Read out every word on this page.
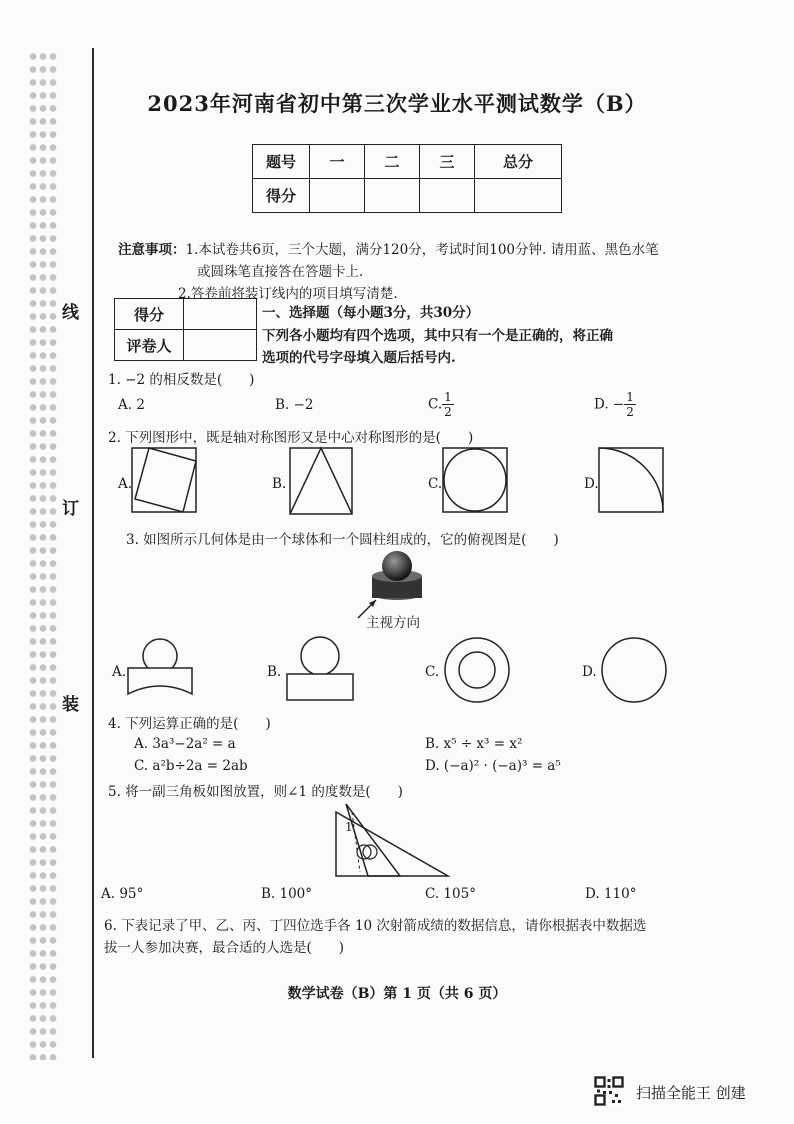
线
订
装
2023年河南省初中第三次学业水平测试数学（B）
题号	一	二	三	总分
得分				
注意事项：1.本试卷共6页，三个大题，满分120分，考试时间100分钟. 请用蓝、黑色水笔
或圆珠笔直接答在答题卡上.
2.答卷前将装订线内的项目填写清楚.
得分	
评卷人	
一、选择题（每小题3分，共30分）
下列各小题均有四个选项，其中只有一个是正确的，将正确
选项的代号字母填入题后括号内.
1. −2 的相反数是(　　)
A. 2	B. −2	C. $\frac{1}{2}$	D. − $\frac{1}{2}$
2. 下列图形中，既是轴对称图形又是中心对称图形的是(　　)
A.	B.	C.	D.
3. 如图所示几何体是由一个球体和一个圆柱组成的，它的俯视图是(　　)
主视方向
A.	B.	C.	D.
4. 下列运算正确的是(　　)
A. 3a³−2a² = a	B. x⁵ ÷ x³ = x²
C. a²b÷2a = 2ab	D. (−a)² · (−a)³ = a⁵
5. 将一副三角板如图放置，则∠1 的度数是(　　)
1
A. 95°	B. 100°	C. 105°	D. 110°
6. 下表记录了甲、乙、丙、丁四位选手各 10 次射箭成绩的数据信息，请你根据表中数据选
拔一人参加决赛，最合适的人选是(　　)
数学试卷（B）第 1 页（共 6 页）
扫描全能王 创建
